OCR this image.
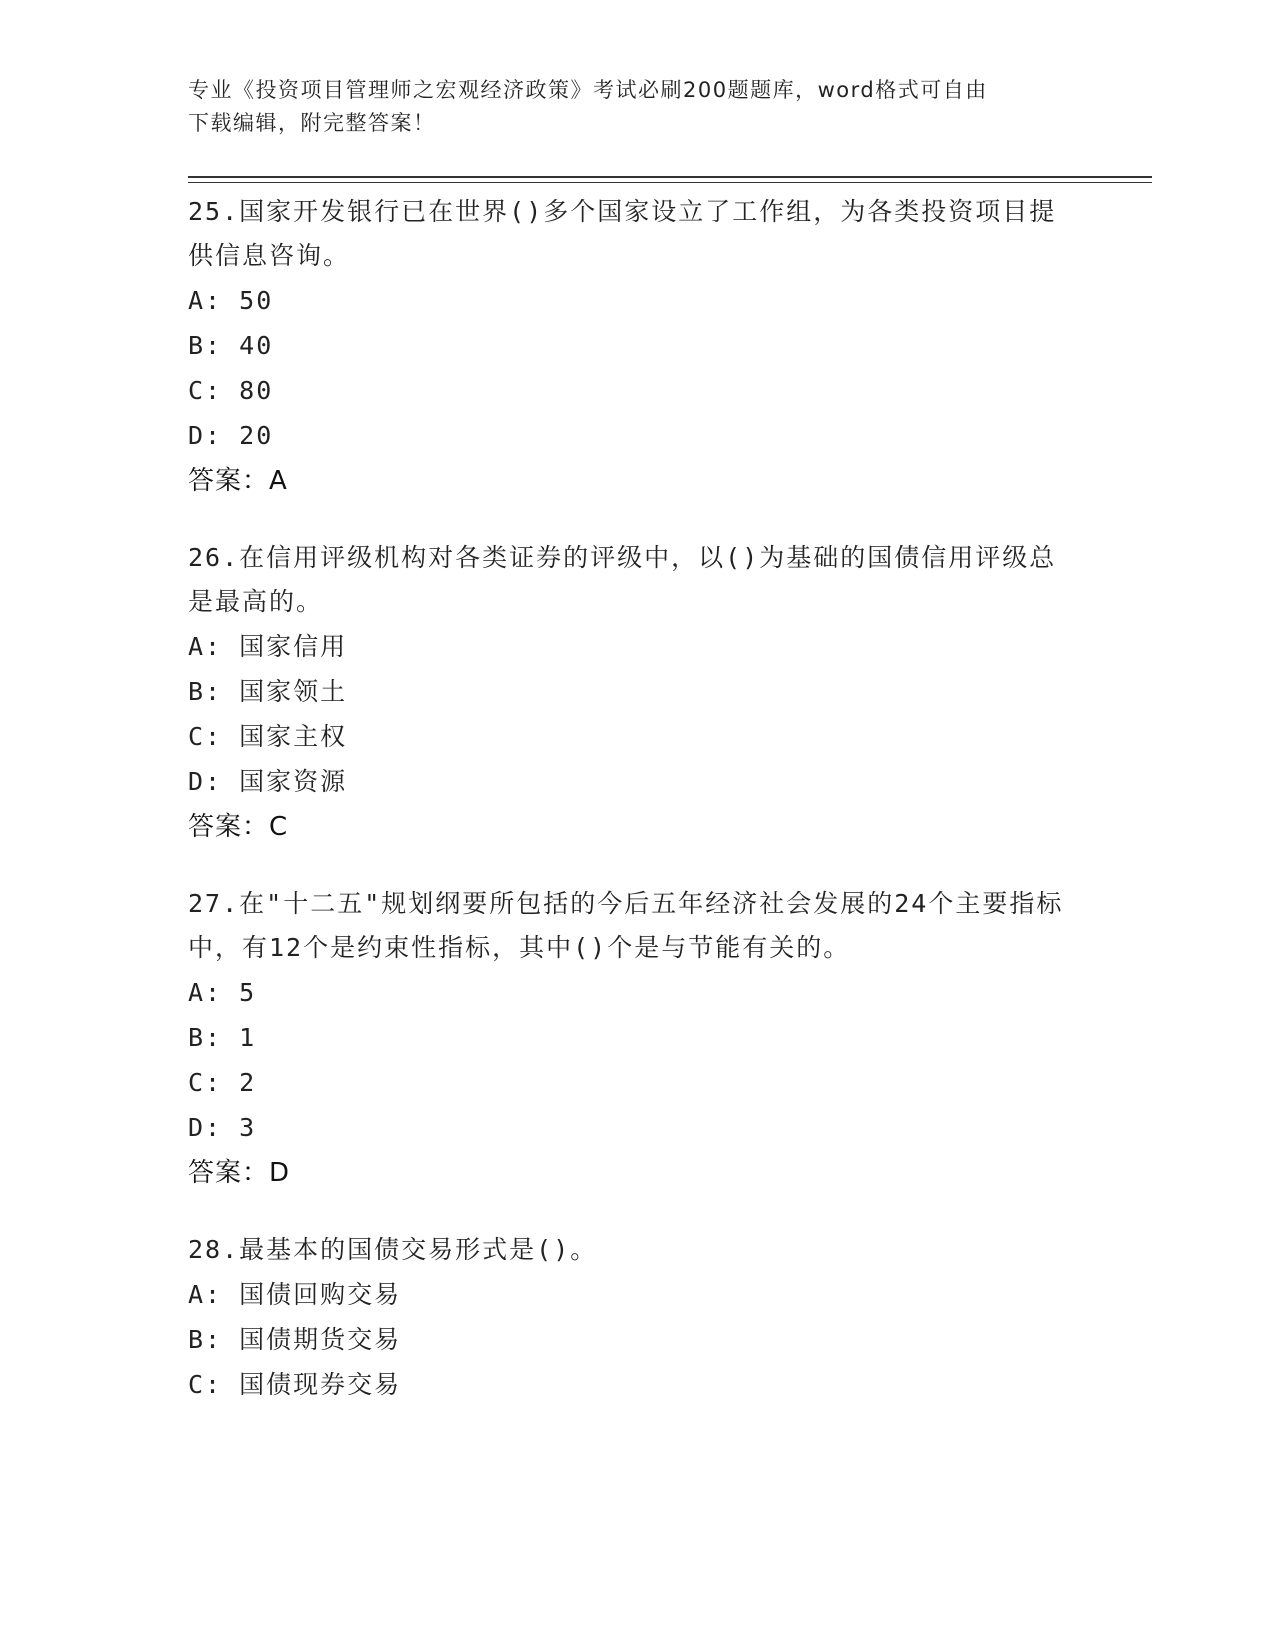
专业《投资项目管理师之宏观经济政策》考试必刷200题题库，word格式可自由
下载编辑，附完整答案！

25.国家开发银行已在世界()多个国家设立了工作组，为各类投资项目提供信息咨询。

A: 50

B: 40

C: 80

D: 20

答案：A

26.在信用评级机构对各类证券的评级中，以()为基础的国债信用评级总是最高的。

A: 国家信用

B: 国家领土

C: 国家主权

D: 国家资源

答案：C

27.在"十二五"规划纲要所包括的今后五年经济社会发展的24个主要指标中，有12个是约束性指标，其中()个是与节能有关的。

A: 5

B: 1

C: 2

D: 3

答案：D

28.最基本的国债交易形式是()。

A: 国债回购交易

B: 国债期货交易

C: 国债现券交易
